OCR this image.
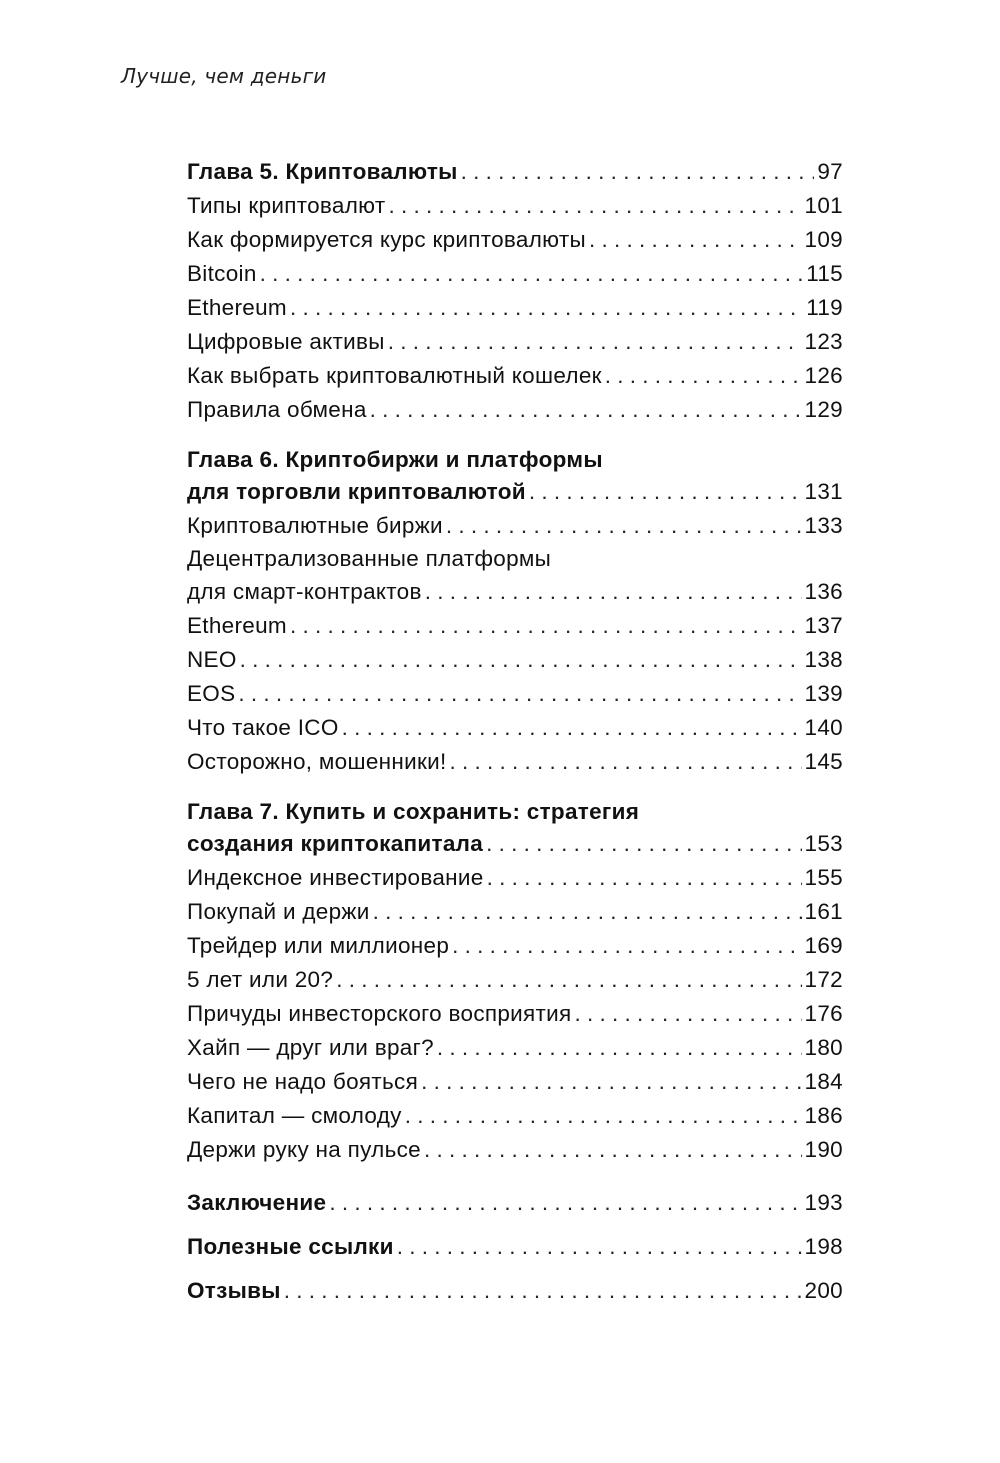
Лучше, чем деньги
Глава 5. Криптовалюты . . .	97
Типы криптовалют . . .	101
Как формируется курс криптовалюты . . .	109
Bitcoin . . .	115
Ethereum . . .	119
Цифровые активы . . .	123
Как выбрать криптовалютный кошелек . . .	126
Правила обмена . . .	129
Глава 6. Криптобиржи и платформы
для торговли криптовалютой . . .	131
Криптовалютные биржи . . .	133
Децентрализованные платформы
для смарт-контрактов . . .	136
Ethereum . . .	137
NEO . . .	138
EOS . . .	139
Что такое ICO . . .	140
Осторожно, мошенники! . . .	145
Глава 7. Купить и сохранить: стратегия
создания криптокапитала . . .	153
Индексное инвестирование . . .	155
Покупай и держи . . .	161
Трейдер или миллионер . . .	169
5 лет или 20? . . .	172
Причуды инвесторского восприятия . . .	176
Хайп — друг или враг? . . .	180
Чего не надо бояться . . .	184
Капитал — смолоду . . .	186
Держи руку на пульсе . . .	190
Заключение . . .	193
Полезные ссылки . . .	198
Отзывы . . .	200
